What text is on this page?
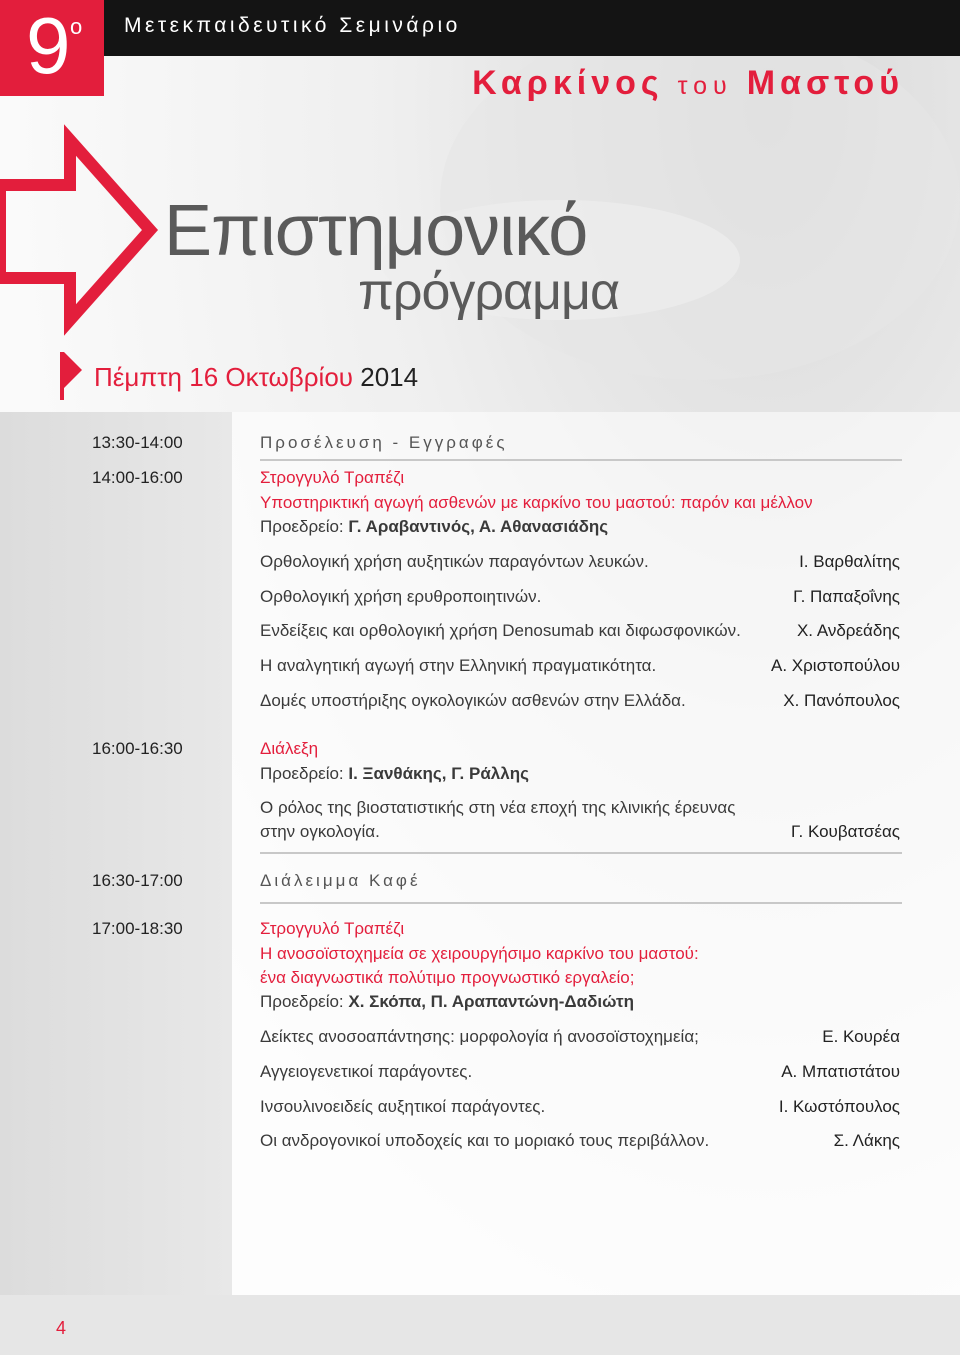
9 ο Μετεκπαιδευτικό Σεμινάριο
Καρκίνος του Μαστού
Επιστημονικό
πρόγραμμα
Πέμπτη 16 Οκτωβρίου 2014
4
13:30-14:00	Προσέλευση - Εγγραφές
14:00-16:00	Στρογγυλό Τραπέζι
Υποστηρικτική αγωγή ασθενών με καρκίνο του μαστού: παρόν και μέλλον
Προεδρείο: Γ. Αραβαντινός, Α. Αθανασιάδης
Ορθολογική χρήση αυξητικών παραγόντων λευκών.	Ι. Βαρθαλίτης
Ορθολογική χρήση ερυθροποιητινών.	Γ. Παπαξοΐνης
Ενδείξεις και ορθολογική χρήση Denosumab και διφωσφονικών.	Χ. Ανδρεάδης
Η αναλγητική αγωγή στην Ελληνική πραγματικότητα.	Α. Χριστοπούλου
Δομές υποστήριξης ογκολογικών ασθενών στην Ελλάδα.	Χ. Πανόπουλος
16:00-16:30	Διάλεξη
Προεδρείο: Ι. Ξανθάκης, Γ. Ράλλης
Ο ρόλος της βιοστατιστικής στη νέα εποχή της κλινικής έρευνας
στην ογκολογία.	Γ. Κουβατσέας
16:30-17:00	Διάλειμμα Καφέ
17:00-18:30	Στρογγυλό Τραπέζι
Η ανοσοϊστοχημεία σε χειρουργήσιμο καρκίνο του μαστού:
ένα διαγνωστικά πολύτιμο προγνωστικό εργαλείο;
Προεδρείο: Χ. Σκόπα, Π. Αραπαντώνη-Δαδιώτη
Δείκτες ανοσοαπάντησης: μορφολογία ή ανοσοϊστοχημεία;	Ε. Κουρέα
Αγγειογενετικοί παράγοντες.	Α. Μπατιστάτου
Ινσουλινοειδείς αυξητικοί παράγοντες.	Ι. Κωστόπουλος
Οι ανδρογονικοί υποδοχείς και το μοριακό τους περιβάλλον.	Σ. Λάκης
